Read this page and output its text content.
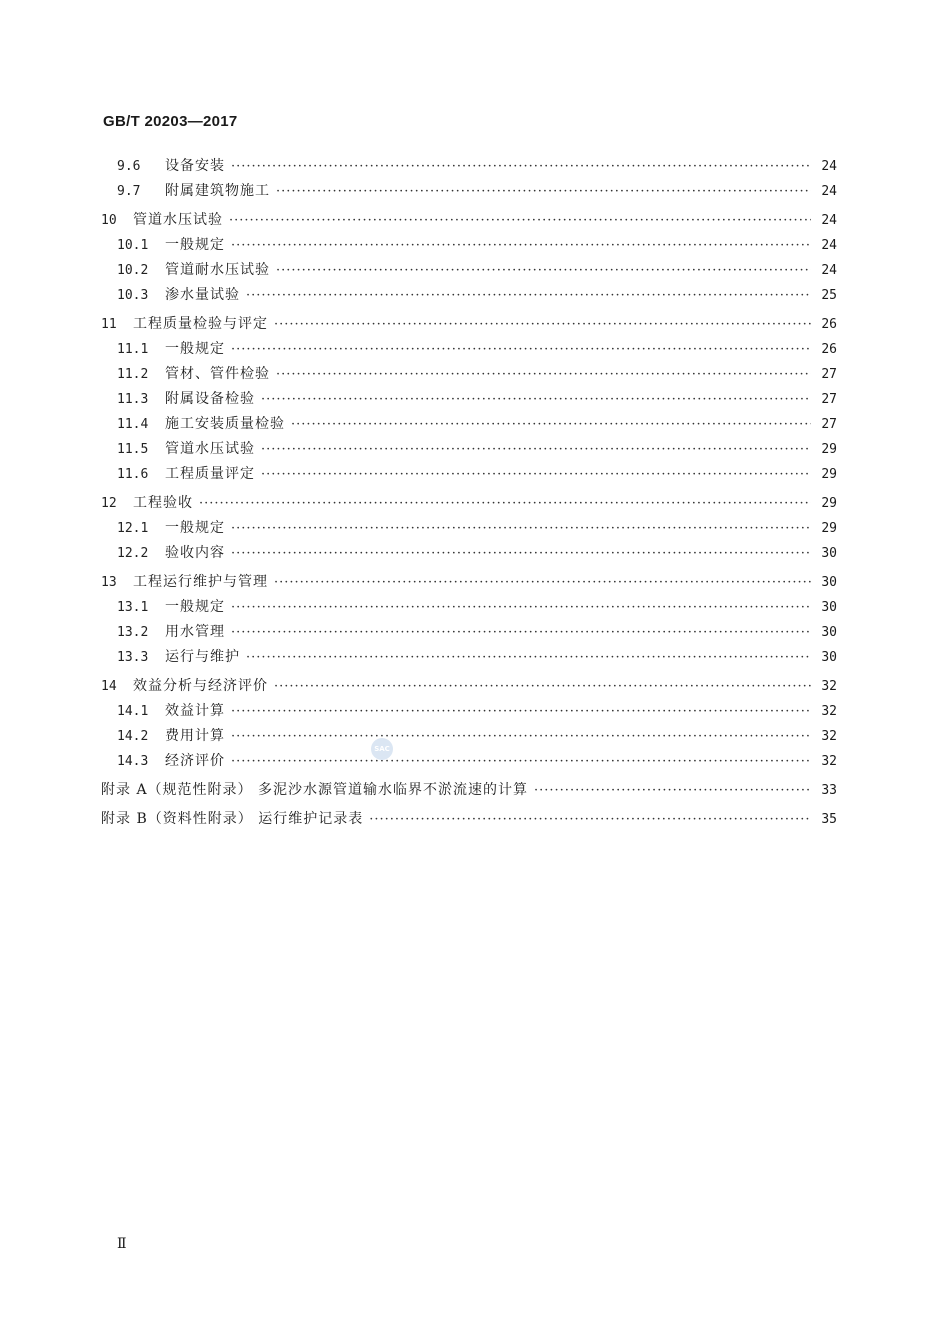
GB/T 20203—2017
9.6	设备安装 ·····	24
9.7	附属建筑物施工 ·····	24
10 管道水压试验 ·····	24
10.1 一般规定 ·····	24
10.2 管道耐水压试验 ·····	24
10.3 渗水量试验 ·····	25
11 工程质量检验与评定 ·····	26
11.1 一般规定 ·····	26
11.2 管材、管件检验 ·····	27
11.3 附属设备检验 ·····	27
11.4 施工安装质量检验 ·····	27
11.5 管道水压试验 ·····	29
11.6 工程质量评定 ·····	29
12 工程验收 ·····	29
12.1 一般规定 ·····	29
12.2 验收内容 ·····	30
13 工程运行维护与管理 ·····	30
13.1 一般规定 ·····	30
13.2 用水管理 ·····	30
13.3 运行与维护 ·····	30
14 效益分析与经济评价 ·····	32
14.1 效益计算 ·····	32
14.2 费用计算 ·····	32
14.3 经济评价 ·····	32
附录 A（规范性附录） 多泥沙水源管道输水临界不淤流速的计算 ·····	33
附录 B（资料性附录） 运行维护记录表 ·····	35
SAC
Ⅱ
